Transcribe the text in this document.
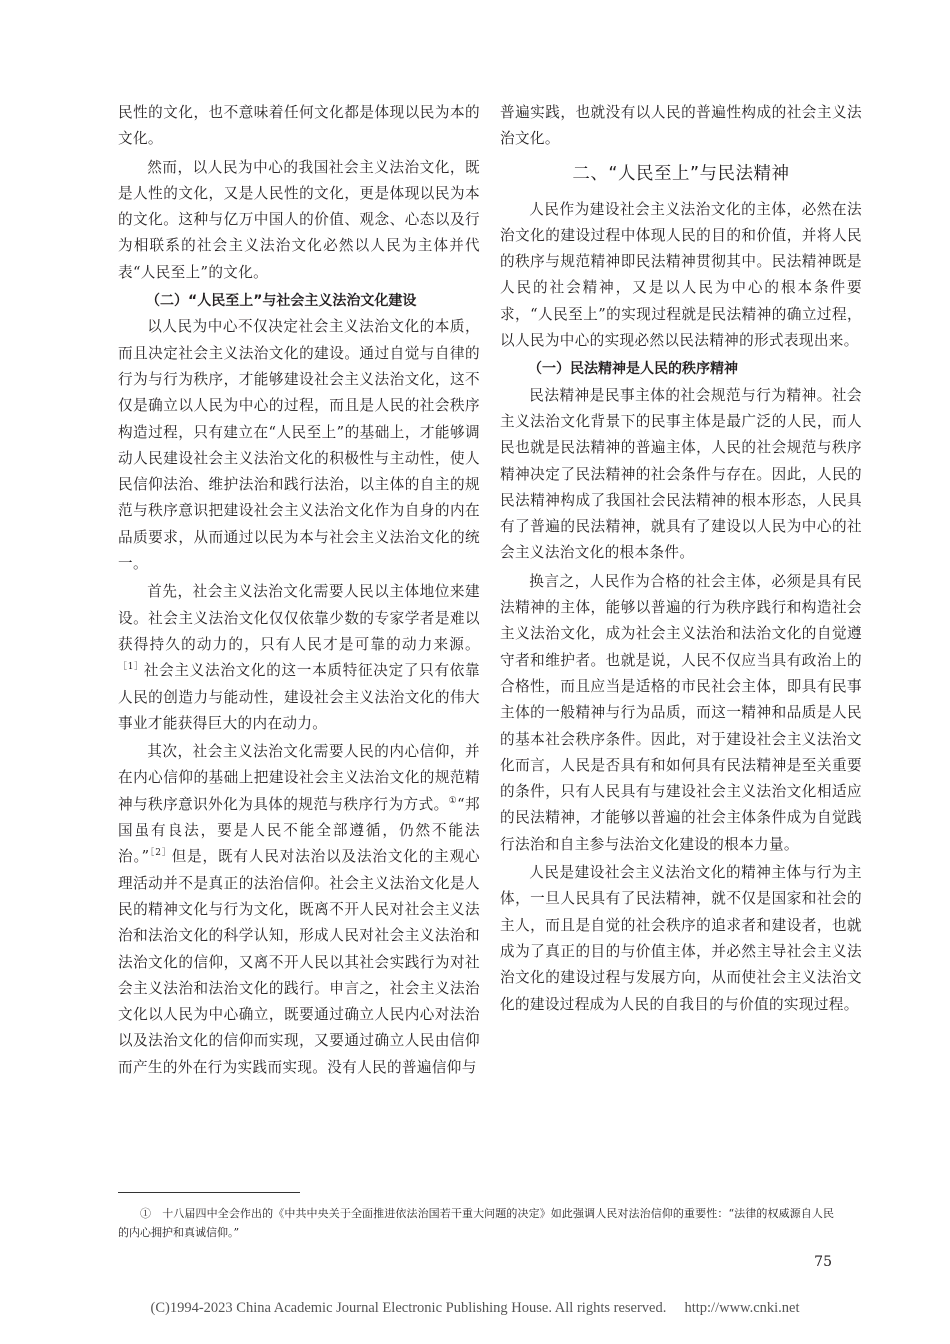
民性的文化，也不意味着任何文化都是体现以民为本的文化。

然而，以人民为中心的我国社会主义法治文化，既是人性的文化，又是人民性的文化，更是体现以民为本的文化。这种与亿万中国人的价值、观念、心态以及行为相联系的社会主义法治文化必然以人民为主体并代表“人民至上”的文化。

（二）“人民至上”与社会主义法治文化建设

以人民为中心不仅决定社会主义法治文化的本质，而且决定社会主义法治文化的建设。通过自觉与自律的行为与行为秩序，才能够建设社会主义法治文化，这不仅是确立以人民为中心的过程，而且是人民的社会秩序构造过程，只有建立在“人民至上”的基础上，才能够调动人民建设社会主义法治文化的积极性与主动性，使人民信仰法治、维护法治和践行法治，以主体的自主的规范与秩序意识把建设社会主义法治文化作为自身的内在品质要求，从而通过以民为本与社会主义法治文化的统一。

首先，社会主义法治文化需要人民以主体地位来建设。社会主义法治文化仅仅依靠少数的专家学者是难以获得持久的动力的，只有人民才是可靠的动力来源。$^{[1]}$社会主义法治文化的这一本质特征决定了只有依靠人民的创造力与能动性，建设社会主义法治文化的伟大事业才能获得巨大的内在动力。

其次，社会主义法治文化需要人民的内心信仰，并在内心信仰的基础上把建设社会主义法治文化的规范精神与秩序意识外化为具体的规范与秩序行为方式。①“邦国虽有良法，要是人民不能全部遵循，仍然不能法治。”$^{[2]}$但是，既有人民对法治以及法治文化的主观心理活动并不是真正的法治信仰。社会主义法治文化是人民的精神文化与行为文化，既离不开人民对社会主义法治和法治文化的科学认知，形成人民对社会主义法治和法治文化的信仰，又离不开人民以其社会实践行为对社会主义法治和法治文化的践行。申言之，社会主义法治文化以人民为中心确立，既要通过确立人民内心对法治以及法治文化的信仰而实现，又要通过确立人民由信仰而产生的外在行为实践而实现。没有人民的普遍信仰与

普遍实践，也就没有以人民的普遍性构成的社会主义法治文化。

二、“人民至上”与民法精神

人民作为建设社会主义法治文化的主体，必然在法治文化的建设过程中体现人民的目的和价值，并将人民的秩序与规范精神即民法精神贯彻其中。民法精神既是人民的社会精神，又是以人民为中心的根本条件要求，“人民至上”的实现过程就是民法精神的确立过程，以人民为中心的实现必然以民法精神的形式表现出来。

（一）民法精神是人民的秩序精神

民法精神是民事主体的社会规范与行为精神。社会主义法治文化背景下的民事主体是最广泛的人民，而人民也就是民法精神的普遍主体，人民的社会规范与秩序精神决定了民法精神的社会条件与存在。因此，人民的民法精神构成了我国社会民法精神的根本形态，人民具有了普遍的民法精神，就具有了建设以人民为中心的社会主义法治文化的根本条件。

换言之，人民作为合格的社会主体，必须是具有民法精神的主体，能够以普遍的行为秩序践行和构造社会主义法治文化，成为社会主义法治和法治文化的自觉遵守者和维护者。也就是说，人民不仅应当具有政治上的合格性，而且应当是适格的市民社会主体，即具有民事主体的一般精神与行为品质，而这一精神和品质是人民的基本社会秩序条件。因此，对于建设社会主义法治文化而言，人民是否具有和如何具有民法精神是至关重要的条件，只有人民具有与建设社会主义法治文化相适应的民法精神，才能够以普遍的社会主体条件成为自觉践行法治和自主参与法治文化建设的根本力量。

人民是建设社会主义法治文化的精神主体与行为主体，一旦人民具有了民法精神，就不仅是国家和社会的主人，而且是自觉的社会秩序的追求者和建设者，也就成为了真正的目的与价值主体，并必然主导社会主义法治文化的建设过程与发展方向，从而使社会主义法治文化的建设过程成为人民的自我目的与价值的实现过程。

①　十八届四中全会作出的《中共中央关于全面推进依法治国若干重大问题的决定》如此强调人民对法治信仰的重要性：“法律的权威源自人民的内心拥护和真诚信仰。”

75
(C)1994-2023 China Academic Journal Electronic Publishing House. All rights reserved.　 http://www.cnki.net
